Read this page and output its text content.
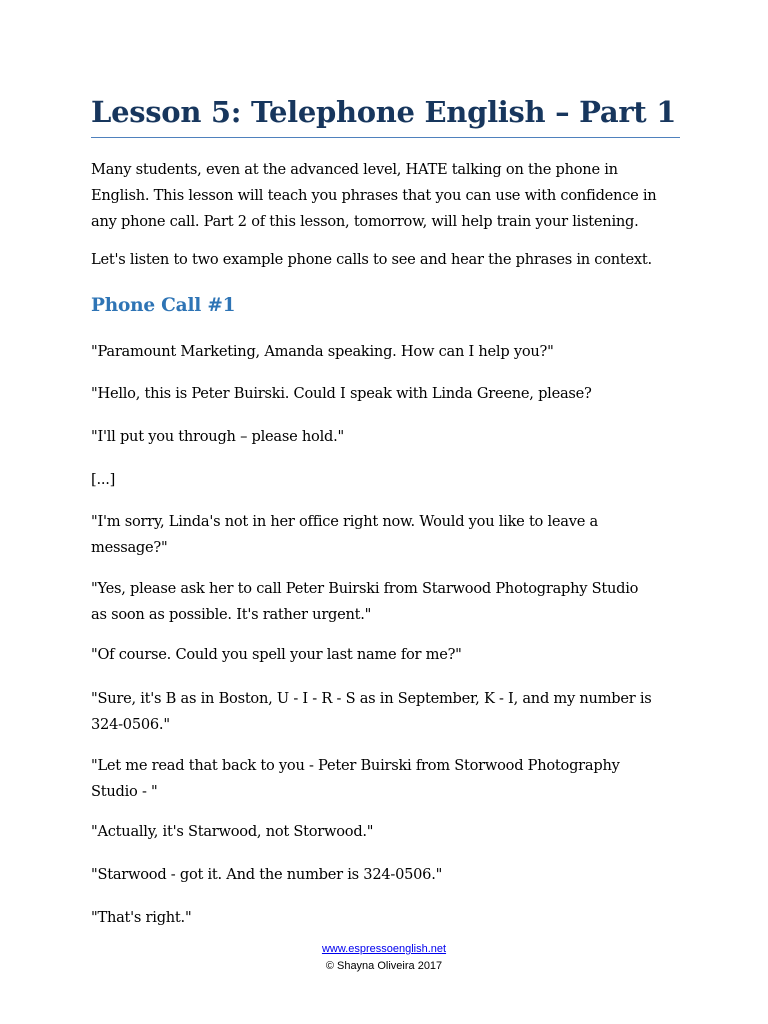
Lesson 5: Telephone English – Part 1

Many students, even at the advanced level, HATE talking on the phone in
English. This lesson will teach you phrases that you can use with confidence in
any phone call. Part 2 of this lesson, tomorrow, will help train your listening.

Let's listen to two example phone calls to see and hear the phrases in context.

Phone Call #1

"Paramount Marketing, Amanda speaking. How can I help you?"

"Hello, this is Peter Buirski. Could I speak with Linda Greene, please?

"I'll put you through – please hold."

[...]

"I'm sorry, Linda's not in her office right now. Would you like to leave a
message?"

"Yes, please ask her to call Peter Buirski from Starwood Photography Studio
as soon as possible. It's rather urgent."

"Of course. Could you spell your last name for me?"

"Sure, it's B as in Boston, U - I - R - S as in September, K - I, and my number is
324-0506."

"Let me read that back to you - Peter Buirski from Storwood Photography
Studio - "

"Actually, it's Starwood, not Storwood."

"Starwood - got it. And the number is 324-0506."

"That's right."

www.espressoenglish.net
© Shayna Oliveira 2017
